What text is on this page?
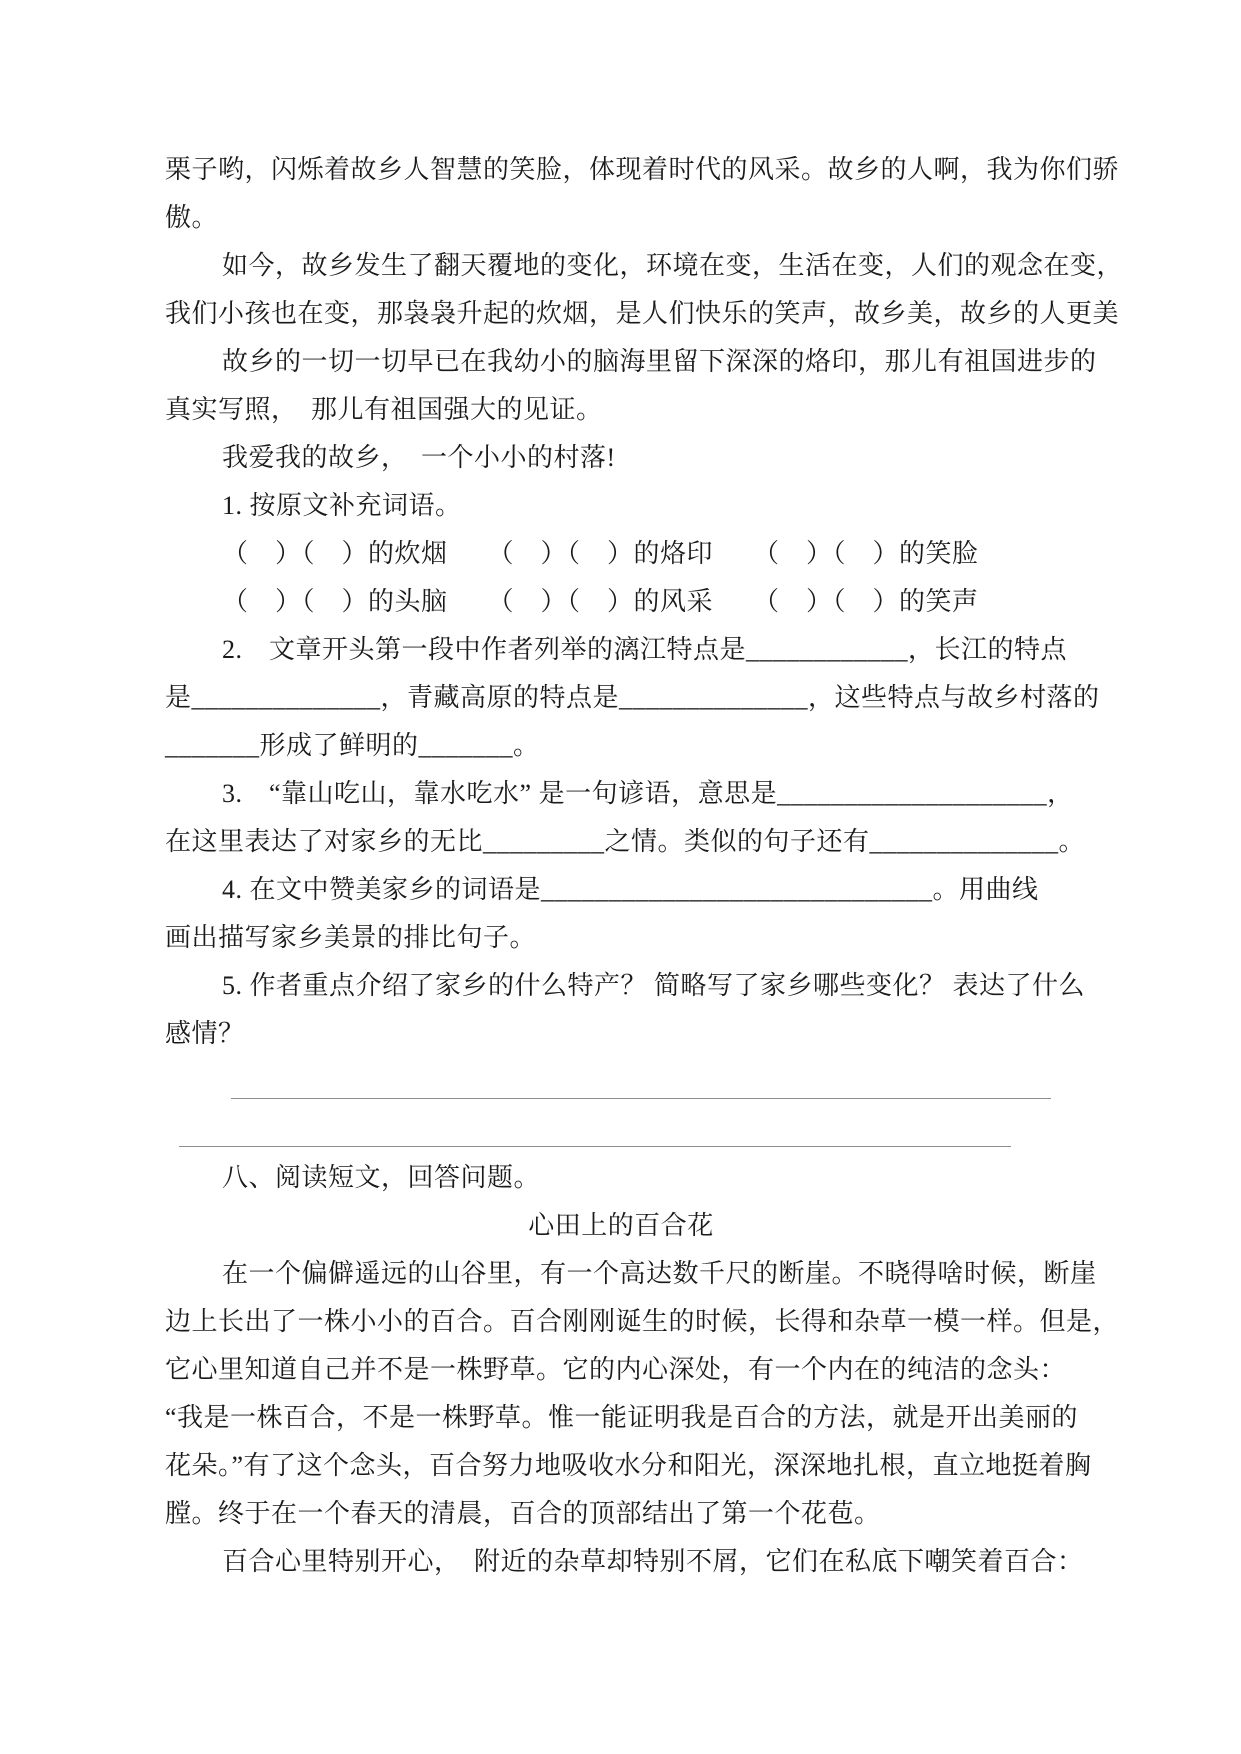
栗子哟，闪烁着故乡人智慧的笑脸，体现着时代的风采。故乡的人啊，我为你们骄
傲。
如今，故乡发生了翻天覆地的变化，环境在变，生活在变，人们的观念在变，
我们小孩也在变，那袅袅升起的炊烟，是人们快乐的笑声，故乡美，故乡的人更美
故乡的一切一切早已在我幼小的脑海里留下深深的烙印，那儿有祖国进步的
真实写照，　那儿有祖国强大的见证。
我爱我的故乡，　一个小小的村落!
1. 按原文补充词语。
（　）（　）的炊烟　　（　）（　）的烙印　　（　）（　）的笑脸
（　）（　）的头脑　　（　）（　）的风采　　（　）（　）的笑声
2.　文章开头第一段中作者列举的漓江特点是____________，长江的特点
是______________，青藏高原的特点是______________，这些特点与故乡村落的
_______形成了鲜明的_______。
3.　“靠山吃山，靠水吃水” 是一句谚语，意思是____________________，
在这里表达了对家乡的无比_________之情。类似的句子还有______________。
4. 在文中赞美家乡的词语是_____________________________。用曲线
画出描写家乡美景的排比句子。
5. 作者重点介绍了家乡的什么特产？ 简略写了家乡哪些变化？ 表达了什么
感情？
八、阅读短文，回答问题。
心田上的百合花
在一个偏僻遥远的山谷里，有一个高达数千尺的断崖。不晓得啥时候，断崖
边上长出了一株小小的百合。百合刚刚诞生的时候，长得和杂草一模一样。但是，
它心里知道自己并不是一株野草。它的内心深处，有一个内在的纯洁的念头：
“我是一株百合，不是一株野草。惟一能证明我是百合的方法，就是开出美丽的
花朵。”有了这个念头，百合努力地吸收水分和阳光，深深地扎根，直立地挺着胸
膛。终于在一个春天的清晨，百合的顶部结出了第一个花苞。
百合心里特别开心，　附近的杂草却特别不屑，它们在私底下嘲笑着百合：
